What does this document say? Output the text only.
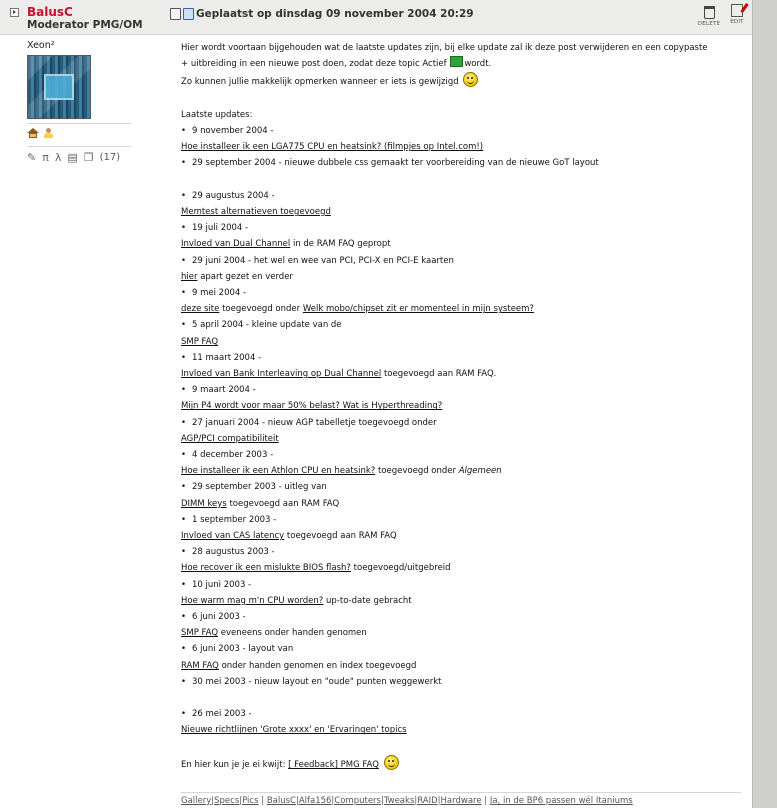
BalusC
Moderator PMG/OM
Geplaatst op dinsdag 09 november 2004 20:29
DELETE EDIT
Xeon²
✎ π λ ▤ ❐ (17)

Hier wordt voortaan bijgehouden wat de laatste updates zijn, bij elke update zal ik deze post verwijderen en een copypaste

+ uitbreiding in een nieuwe post doen, zodat deze topic Actief wordt.

Zo kunnen jullie makkelijk opmerken wanneer er iets is gewijzigd

Laatste updates:

• 9 november 2004 -

Hoe installeer ik een LGA775 CPU en heatsink? (filmpjes op Intel.com!)

• 29 september 2004 - nieuwe dubbele css gemaakt ter voorbereiding van de nieuwe GoT layout

• 29 augustus 2004 -

Memtest alternatieven toegevoegd

• 19 juli 2004 -

Invloed van Dual Channel in de RAM FAQ gepropt

• 29 juni 2004 - het wel en wee van PCI, PCI-X en PCI-E kaarten

hier apart gezet en verder

• 9 mei 2004 -

deze site toegevoegd onder Welk mobo/chipset zit er momenteel in mijn systeem?

• 5 april 2004 - kleine update van de

SMP FAQ

• 11 maart 2004 -

Invloed van Bank Interleaving op Dual Channel toegevoegd aan RAM FAQ.

• 9 maart 2004 -

Mijn P4 wordt voor maar 50% belast? Wat is Hyperthreading?

• 27 januari 2004 - nieuw AGP tabelletje toegevoegd onder

AGP/PCI compatibiliteit

• 4 december 2003 -

Hoe installeer ik een Athlon CPU en heatsink? toegevoegd onder Algemeen

• 29 september 2003 - uitleg van

DIMM keys toegevoegd aan RAM FAQ

• 1 september 2003 -

Invloed van CAS latency toegevoegd aan RAM FAQ

• 28 augustus 2003 -

Hoe recover ik een mislukte BIOS flash? toegevoegd/uitgebreid

• 10 juni 2003 -

Hoe warm mag m'n CPU worden? up-to-date gebracht

• 6 juni 2003 -

SMP FAQ eveneens onder handen genomen

• 6 juni 2003 - layout van

RAM FAQ onder handen genomen en index toegevoegd

• 30 mei 2003 - nieuw layout en "oude" punten weggewerkt

• 26 mei 2003 -

Nieuwe richtlijnen 'Grote xxxx' en 'Ervaringen' topics

En hier kun je je ei kwijt: [ Feedback] PMG FAQ

Gallery|Specs|Pics | BalusC|Alfa156|Computers|Tweaks|RAID|Hardware | Ja, in de BP6 passen wél Itaniums
